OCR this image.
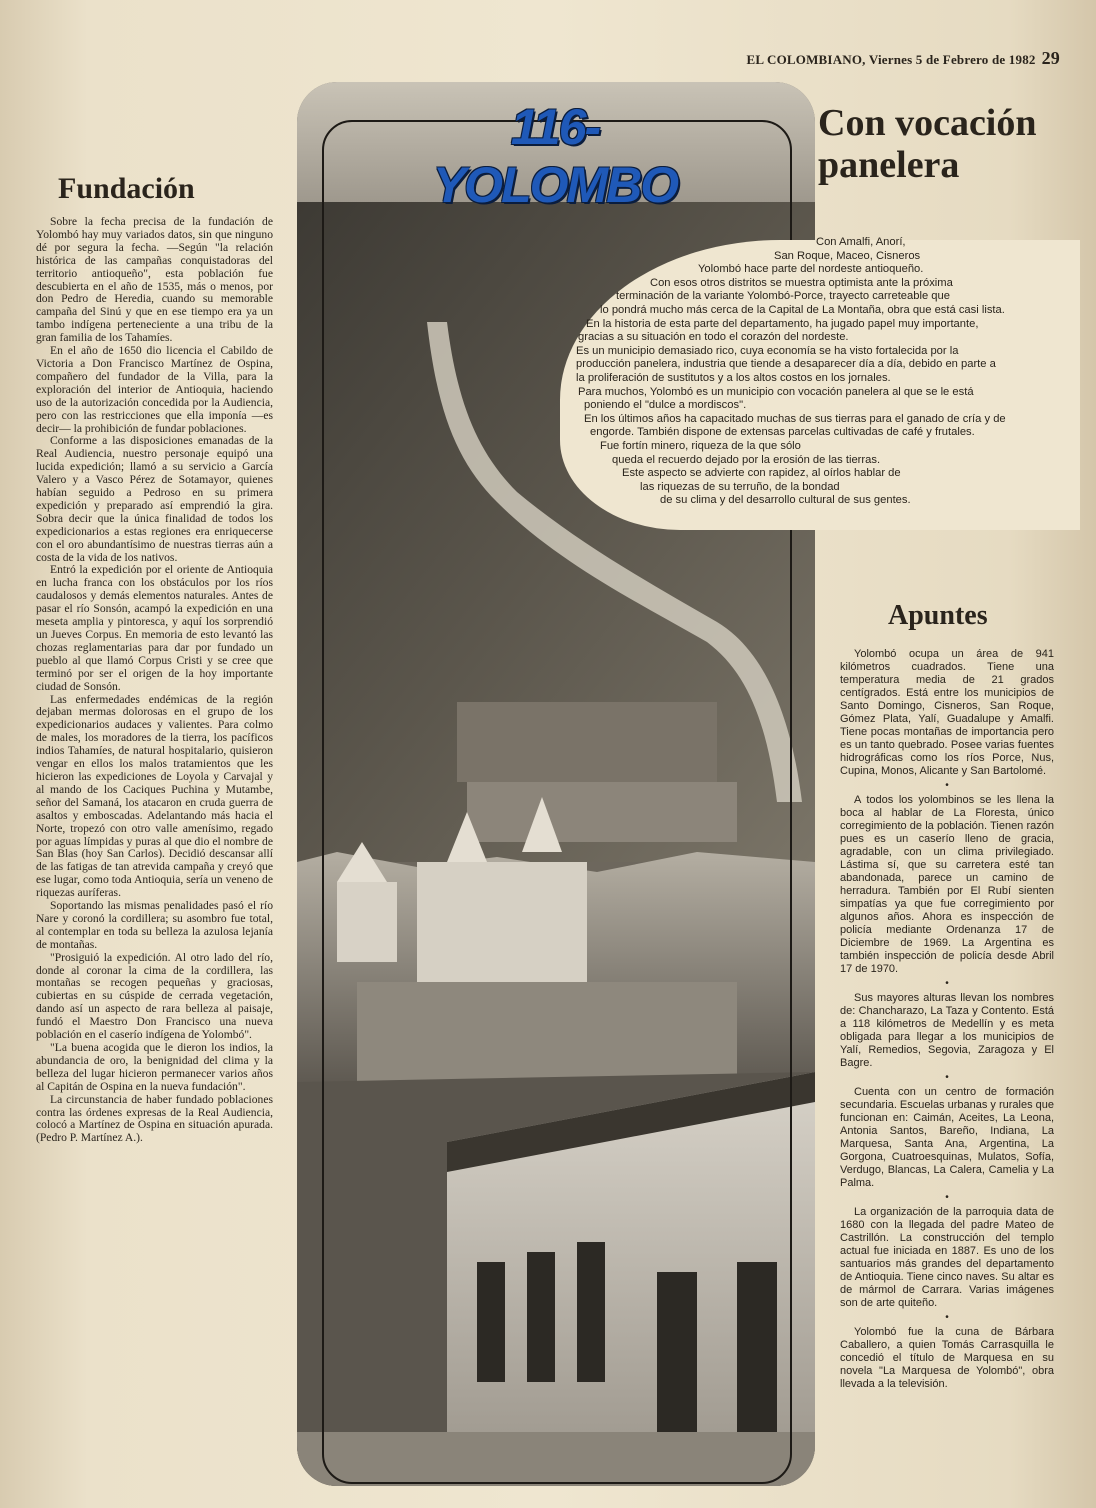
EL COLOMBIANO, Viernes 5 de Febrero de 1982 29
Fundación

Sobre la fecha precisa de la fundación de Yolombó hay muy variados datos, sin que ninguno dé por segura la fecha. —Según "la relación histórica de las campañas conquistadoras del territorio antioqueño", esta población fue descubierta en el año de 1535, más o menos, por don Pedro de Heredia, cuando su memorable campaña del Sinú y que en ese tiempo era ya un tambo indígena perteneciente a una tribu de la gran familia de los Tahamíes.

En el año de 1650 dio licencia el Cabildo de Victoria a Don Francisco Martínez de Ospina, compañero del fundador de la Villa, para la exploración del interior de Antioquia, haciendo uso de la autorización concedida por la Audiencia, pero con las restricciones que ella imponía —es decir— la prohibición de fundar poblaciones.

Conforme a las disposiciones emanadas de la Real Audiencia, nuestro personaje equipó una lucida expedición; llamó a su servicio a García Valero y a Vasco Pérez de Sotamayor, quienes habían seguido a Pedroso en su primera expedición y preparado así emprendió la gira. Sobra decir que la única finalidad de todos los expedicionarios a estas regiones era enriquecerse con el oro abundantísimo de nuestras tierras aún a costa de la vida de los nativos.

Entró la expedición por el oriente de Antioquia en lucha franca con los obstáculos por los ríos caudalosos y demás elementos naturales. Antes de pasar el río Sonsón, acampó la expedición en una meseta amplia y pintoresca, y aquí los sorprendió un Jueves Corpus. En memoria de esto levantó las chozas reglamentarias para dar por fundado un pueblo al que llamó Corpus Cristi y se cree que terminó por ser el origen de la hoy importante ciudad de Sonsón.

Las enfermedades endémicas de la región dejaban mermas dolorosas en el grupo de los expedicionarios audaces y valientes. Para colmo de males, los moradores de la tierra, los pacíficos indios Tahamíes, de natural hospitalario, quisieron vengar en ellos los malos tratamientos que les hicieron las expediciones de Loyola y Carvajal y al mando de los Caciques Puchina y Mutambe, señor del Samaná, los atacaron en cruda guerra de asaltos y emboscadas. Adelantando más hacia el Norte, tropezó con otro valle amenísimo, regado por aguas límpidas y puras al que dio el nombre de San Blas (hoy San Carlos). Decidió descansar allí de las fatigas de tan atrevida campaña y creyó que ese lugar, como toda Antioquia, sería un veneno de riquezas auríferas.

Soportando las mismas penalidades pasó el río Nare y coronó la cordillera; su asombro fue total, al contemplar en toda su belleza la azulosa lejanía de montañas.

"Prosiguió la expedición. Al otro lado del río, donde al coronar la cima de la cordillera, las montañas se recogen pequeñas y graciosas, cubiertas en su cúspide de cerrada vegetación, dando así un aspecto de rara belleza al paisaje, fundó el Maestro Don Francisco una nueva población en el caserío indígena de Yolombó".

"La buena acogida que le dieron los indios, la abundancia de oro, la benignidad del clima y la belleza del lugar hicieron permanecer varios años al Capitán de Ospina en la nueva fundación".

La circunstancia de haber fundado poblaciones contra las órdenes expresas de la Real Audiencia, colocó a Martínez de Ospina en situación apurada. (Pedro P. Martínez A.).

116-YOLOMBO
Con vocación panelera
Con Amalfi, Anorí,
San Roque, Maceo, Cisneros
Yolombó hace parte del nordeste antioqueño.
Con esos otros distritos se muestra optimista ante la próxima
terminación de la variante Yolombó-Porce, trayecto carreteable que
lo pondrá mucho más cerca de la Capital de La Montaña, obra que está casi lista.
En la historia de esta parte del departamento, ha jugado papel muy importante,
gracias a su situación en todo el corazón del nordeste.
Es un municipio demasiado rico, cuya economía se ha visto fortalecida por la
producción panelera, industria que tiende a desaparecer día a día, debido en parte a
la proliferación de sustitutos y a los altos costos en los jornales.
Para muchos, Yolombó es un municipio con vocación panelera al que se le está
poniendo el "dulce a mordiscos".
En los últimos años ha capacitado muchas de sus tierras para el ganado de cría y de
engorde. También dispone de extensas parcelas cultivadas de café y frutales.
Fue fortín minero, riqueza de la que sólo
queda el recuerdo dejado por la erosión de las tierras.
Este aspecto se advierte con rapidez, al oírlos hablar de
las riquezas de su terruño, de la bondad
de su clima y del desarrollo cultural de sus gentes.
Apuntes

Yolombó ocupa un área de 941 kilómetros cuadrados. Tiene una temperatura media de 21 grados centígrados. Está entre los municipios de Santo Domingo, Cisneros, San Roque, Gómez Plata, Yalí, Guadalupe y Amalfi. Tiene pocas montañas de importancia pero es un tanto quebrado. Posee varias fuentes hidrográficas como los ríos Porce, Nus, Cupina, Monos, Alicante y San Bartolomé.

•

A todos los yolombinos se les llena la boca al hablar de La Floresta, único corregimiento de la población. Tienen razón pues es un caserío lleno de gracia, agradable, con un clima privilegiado. Lástima sí, que su carretera esté tan abandonada, parece un camino de herradura. También por El Rubí sienten simpatías ya que fue corregimiento por algunos años. Ahora es inspección de policía mediante Ordenanza 17 de Diciembre de 1969. La Argentina es también inspección de policía desde Abril 17 de 1970.

•

Sus mayores alturas llevan los nombres de: Chancharazo, La Taza y Contento. Está a 118 kilómetros de Medellín y es meta obligada para llegar a los municipios de Yalí, Remedios, Segovia, Zaragoza y El Bagre.

•

Cuenta con un centro de formación secundaria. Escuelas urbanas y rurales que funcionan en: Caimán, Aceites, La Leona, Antonia Santos, Bareño, Indiana, La Marquesa, Santa Ana, Argentina, La Gorgona, Cuatroesquinas, Mulatos, Sofía, Verdugo, Blancas, La Calera, Camelia y La Palma.

•

La organización de la parroquia data de 1680 con la llegada del padre Mateo de Castrillón. La construcción del templo actual fue iniciada en 1887. Es uno de los santuarios más grandes del departamento de Antioquia. Tiene cinco naves. Su altar es de mármol de Carrara. Varias imágenes son de arte quiteño.

•

Yolombó fue la cuna de Bárbara Caballero, a quien Tomás Carrasquilla le concedió el título de Marquesa en su novela "La Marquesa de Yolombó", obra llevada a la televisión.
